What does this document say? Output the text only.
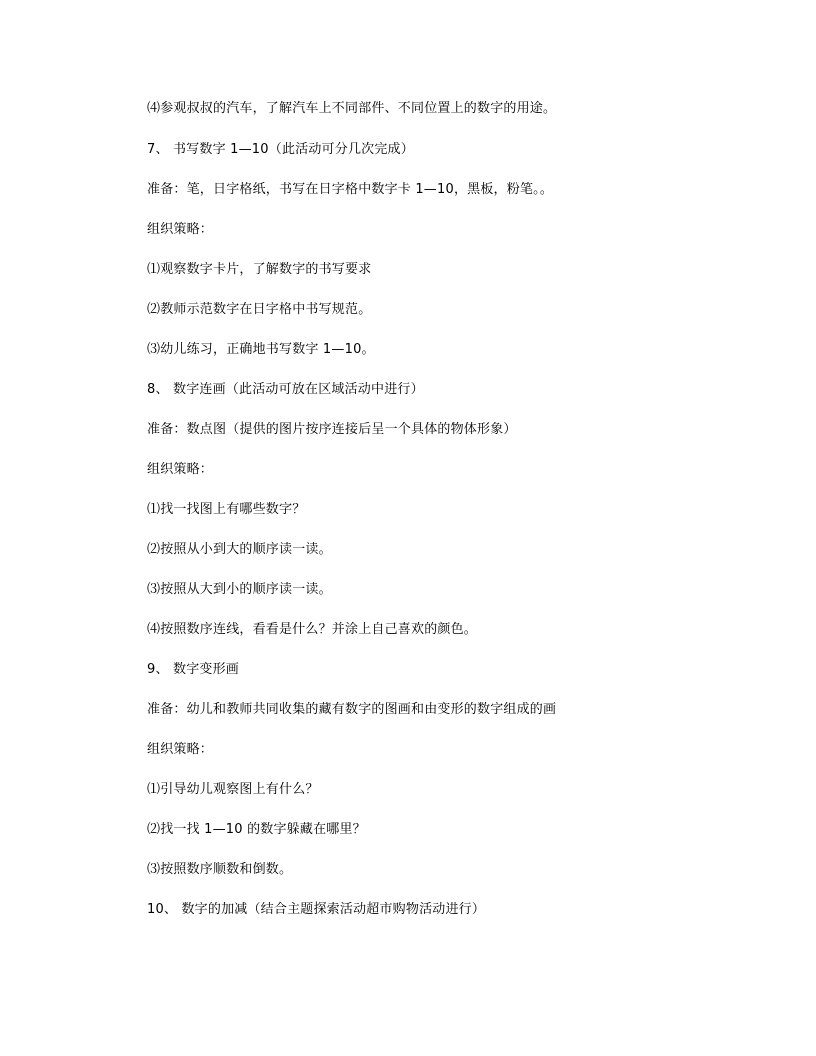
⑷参观叔叔的汽车，了解汽车上不同部件、不同位置上的数字的用途。
7、 书写数字 1—10（此活动可分几次完成）
准备：笔，日字格纸，书写在日字格中数字卡 1—10，黑板，粉笔。。
组织策略：
⑴观察数字卡片，了解数字的书写要求
⑵教师示范数字在日字格中书写规范。
⑶幼儿练习，正确地书写数字 1—10。
8、 数字连画（此活动可放在区域活动中进行）
准备：数点图（提供的图片按序连接后呈一个具体的物体形象）
组织策略：
⑴找一找图上有哪些数字？
⑵按照从小到大的顺序读一读。
⑶按照从大到小的顺序读一读。
⑷按照数序连线，看看是什么？并涂上自己喜欢的颜色。
9、 数字变形画
准备：幼儿和教师共同收集的藏有数字的图画和由变形的数字组成的画
组织策略：
⑴引导幼儿观察图上有什么？
⑵找一找 1—10 的数字躲藏在哪里？
⑶按照数序顺数和倒数。
10、 数字的加减（结合主题探索活动超市购物活动进行）
